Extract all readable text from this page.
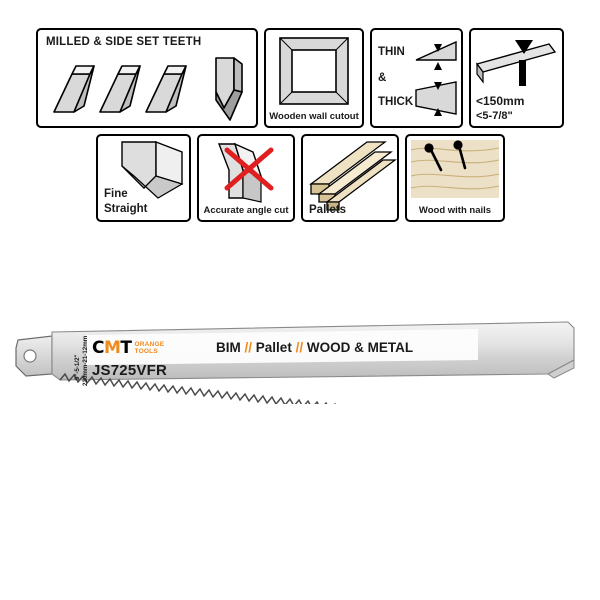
MILLED & SIDE SET TEETH
Wooden wall cutout
THIN
&
THICK	<150mm
<5-7/8"
Fine
Straight	Accurate angle cut	Pallets	Wood with nails
9"-5-1/2" 230mm-21-12mm CMT ORANGE
TOOLS	BIM // Pallet // WOOD & METAL
JS725VFR
